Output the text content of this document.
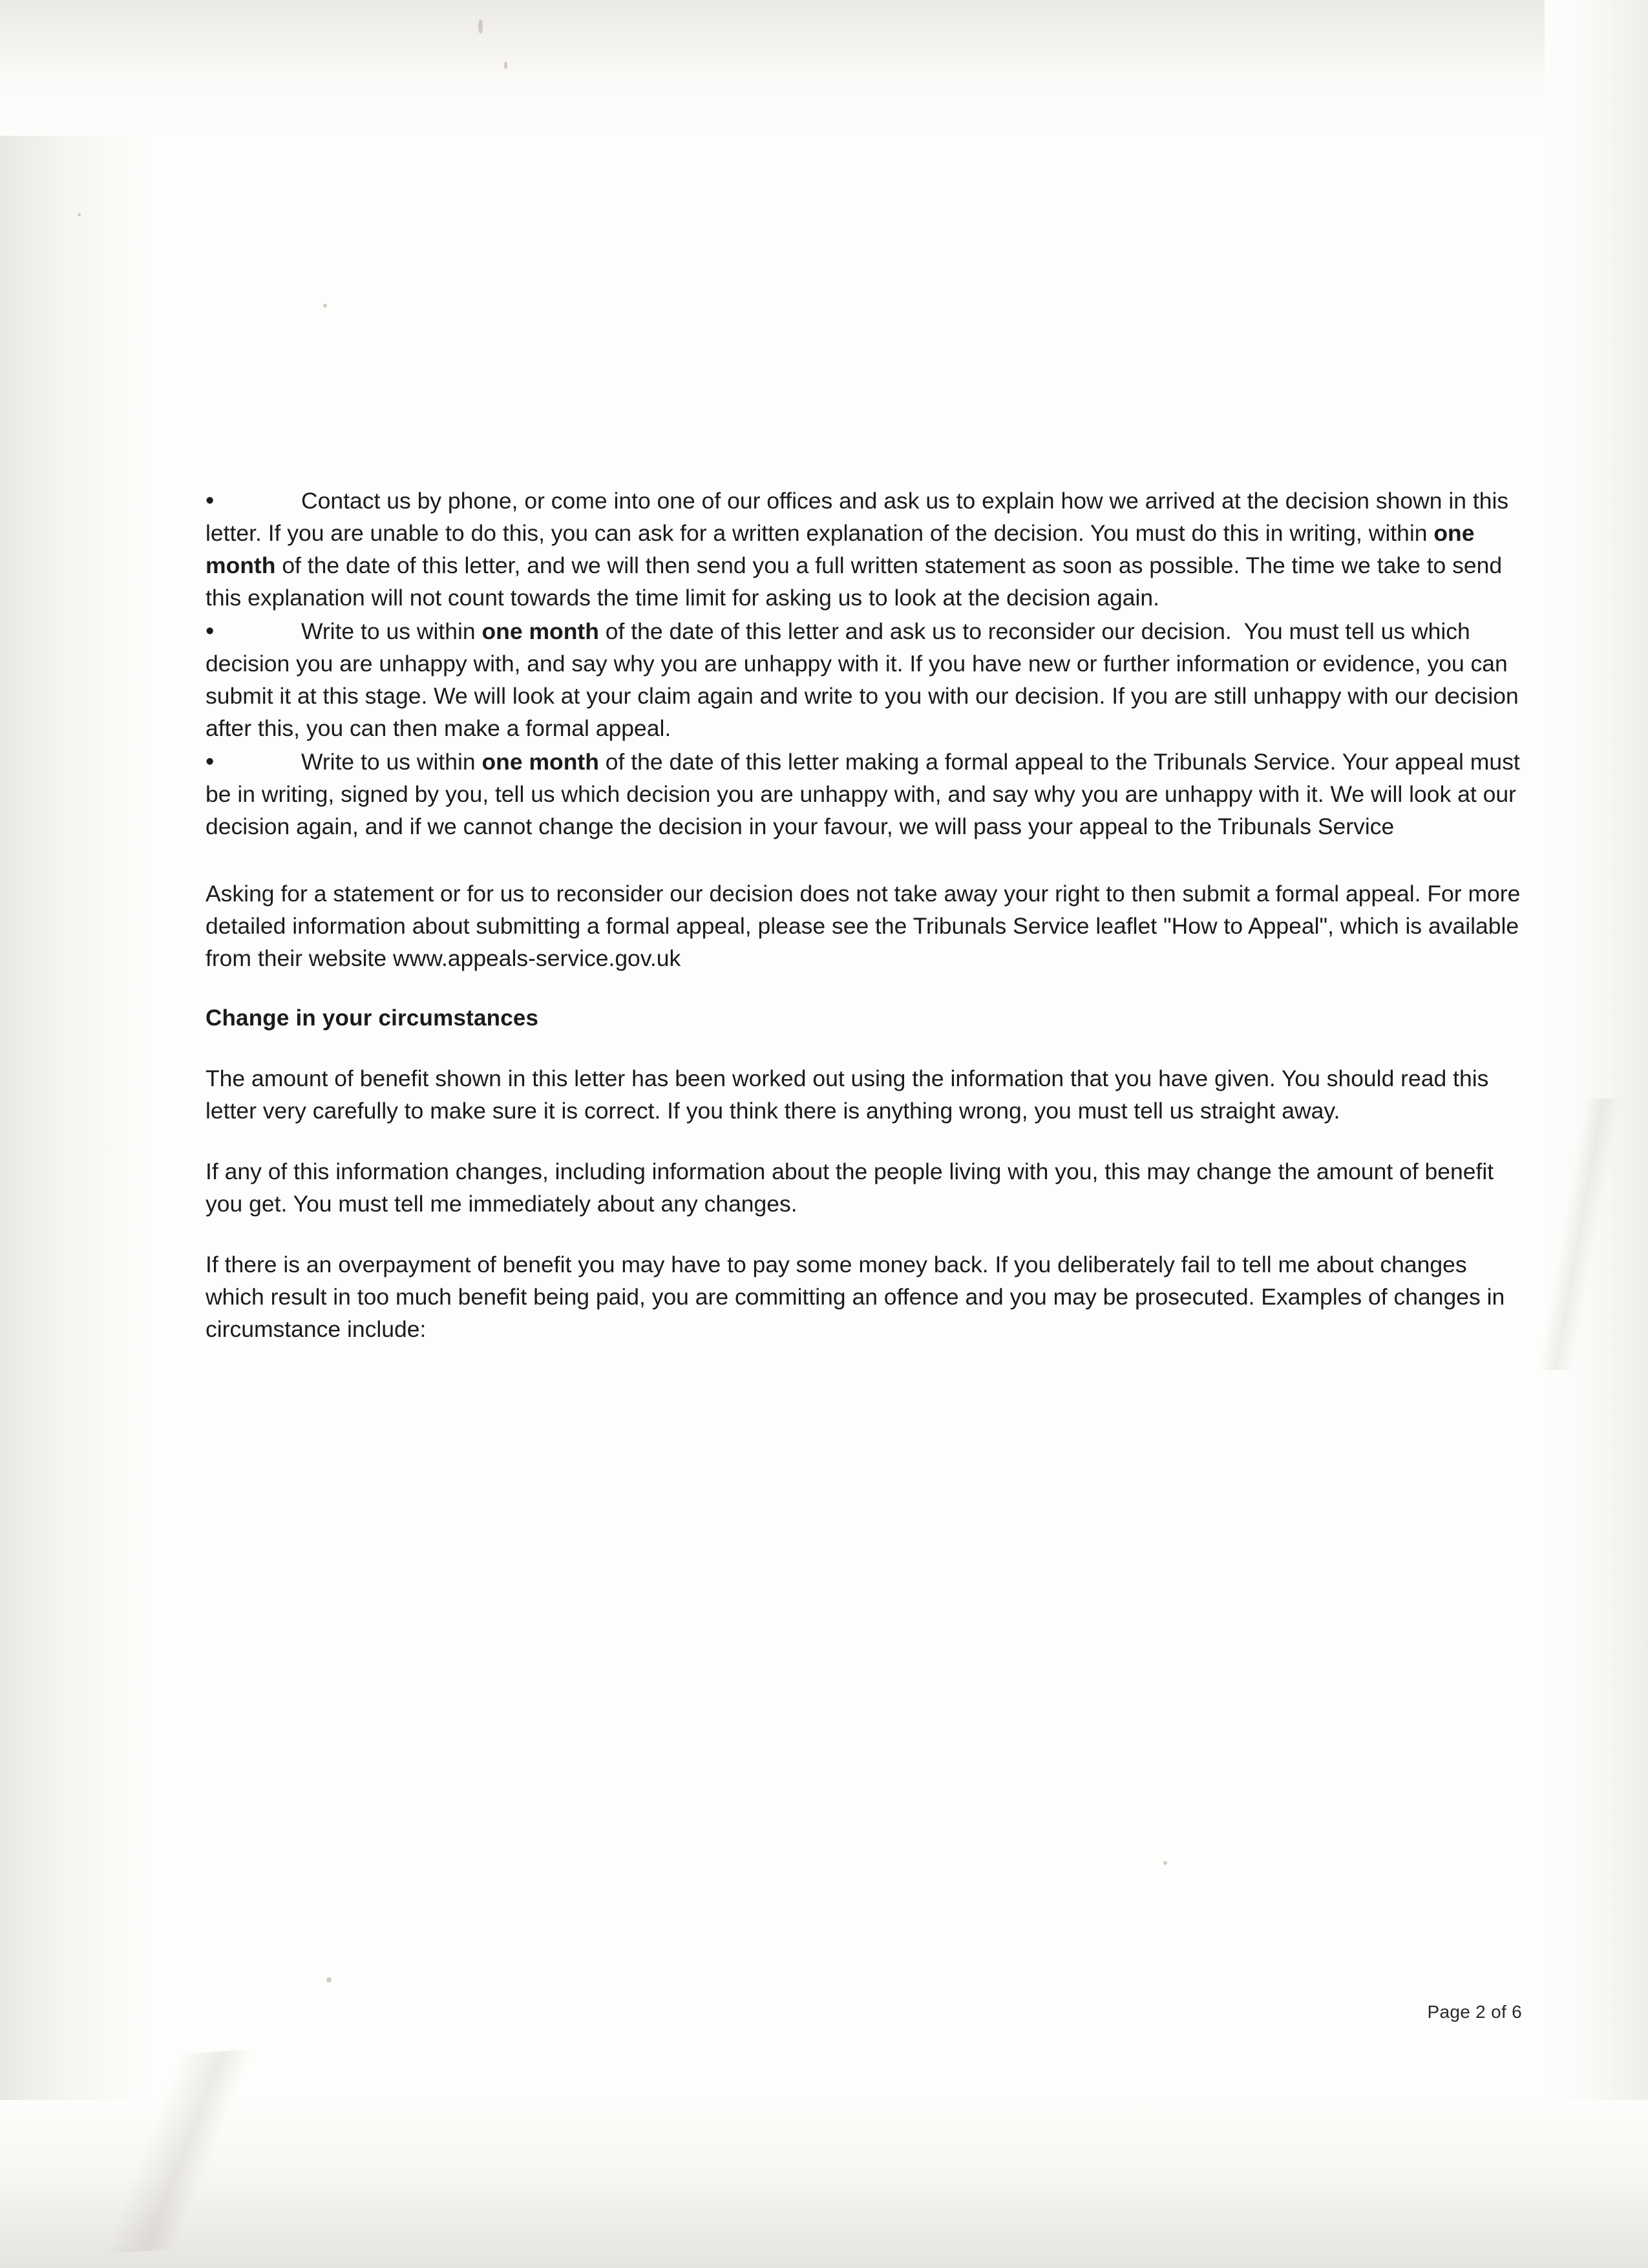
•Contact us by phone, or come into one of our offices and ask us to explain how we arrived at the decision shown in this letter. If you are unable to do this, you can ask for a written explanation of the decision. You must do this in writing, within one month of the date of this letter, and we will then send you a full written statement as soon as possible. The time we take to send this explanation will not count towards the time limit for asking us to look at the decision again.
•Write to us within one month of the date of this letter and ask us to reconsider our decision.  You must tell us which decision you are unhappy with, and say why you are unhappy with it. If you have new or further information or evidence, you can submit it at this stage. We will look at your claim again and write to you with our decision. If you are still unhappy with our decision after this, you can then make a formal appeal.
•Write to us within one month of the date of this letter making a formal appeal to the Tribunals Service. Your appeal must be in writing, signed by you, tell us which decision you are unhappy with, and say why you are unhappy with it. We will look at our decision again, and if we cannot change the decision in your favour, we will pass your appeal to the Tribunals Service

Asking for a statement or for us to reconsider our decision does not take away your right to then submit a formal appeal. For more detailed information about submitting a formal appeal, please see the Tribunals Service leaflet "How to Appeal", which is available from their website www.appeals-service.gov.uk

Change in your circumstances

The amount of benefit shown in this letter has been worked out using the information that you have given. You should read this letter very carefully to make sure it is correct. If you think there is anything wrong, you must tell us straight away.

If any of this information changes, including information about the people living with you, this may change the amount of benefit you get. You must tell me immediately about any changes.

If there is an overpayment of benefit you may have to pay some money back. If you deliberately fail to tell me about changes which result in too much benefit being paid, you are committing an offence and you may be prosecuted. Examples of changes in circumstance include:

Page 2 of 6
